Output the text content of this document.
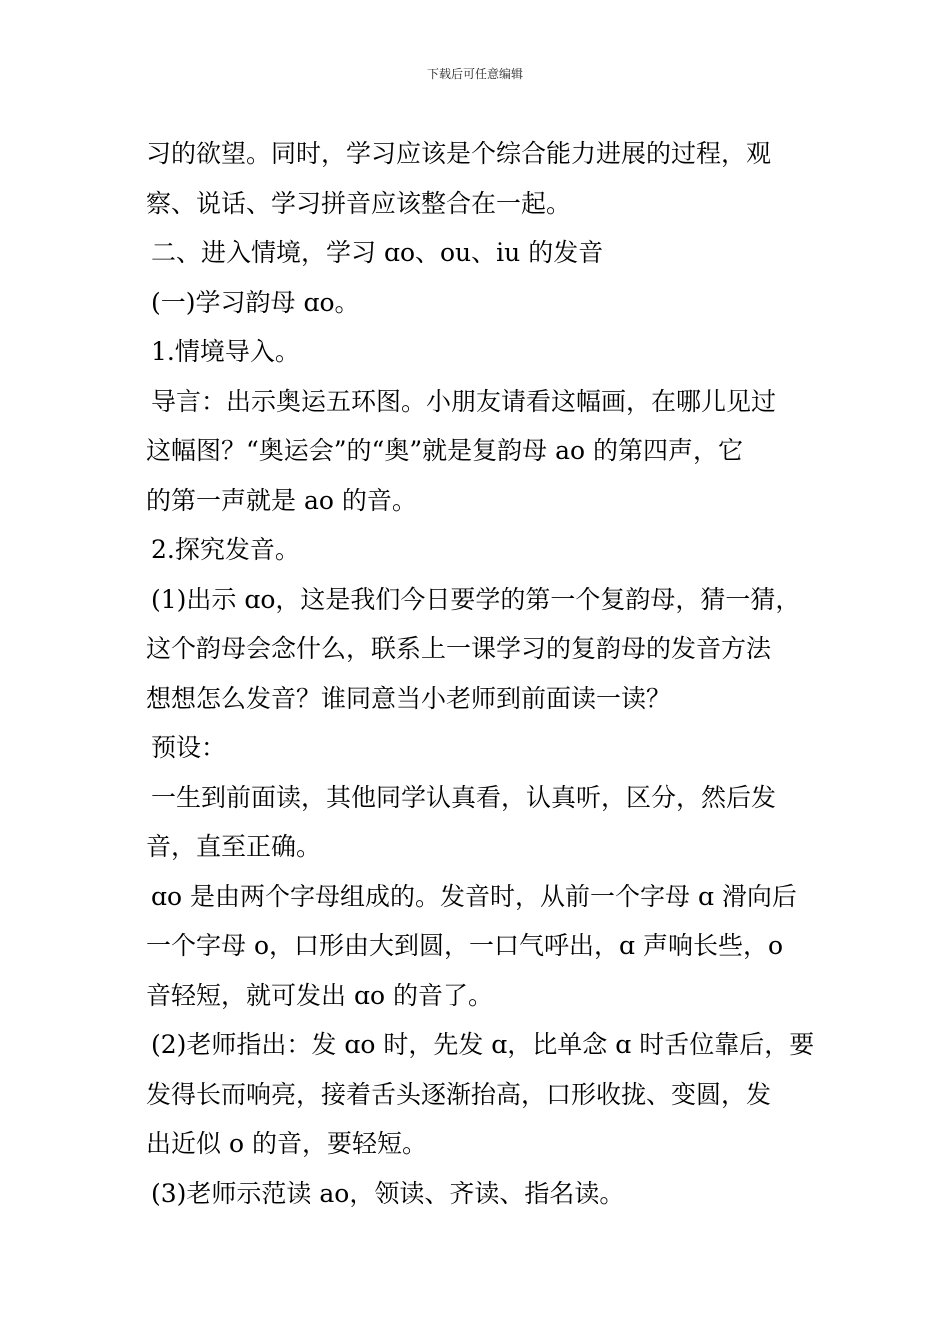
下载后可任意编辑
习的欲望。同时，学习应该是个综合能力进展的过程，观
察、说话、学习拼音应该整合在一起。
二、进入情境，学习 ɑo、ou、iu 的发音
(一)学习韵母 ɑo。
1.情境导入。
导言：出示奥运五环图。小朋友请看这幅画，在哪儿见过
这幅图？“奥运会”的“奥”就是复韵母 ao 的第四声，它
的第一声就是 ao 的音。
2.探究发音。
(1)出示 ɑo，这是我们今日要学的第一个复韵母，猜一猜，
这个韵母会念什么，联系上一课学习的复韵母的发音方法
想想怎么发音？谁同意当小老师到前面读一读？
预设：
一生到前面读，其他同学认真看，认真听，区分，然后发
音，直至正确。
ɑo 是由两个字母组成的。发音时，从前一个字母 ɑ 滑向后
一个字母 o，口形由大到圆，一口气呼出，ɑ 声响长些，o
音轻短，就可发出 ɑo 的音了。
(2)老师指出：发 ɑo 时，先发 ɑ，比单念 ɑ 时舌位靠后，要
发得长而响亮，接着舌头逐渐抬高，口形收拢、变圆，发
出近似 o 的音，要轻短。
(3)老师示范读 ao，领读、齐读、指名读。
